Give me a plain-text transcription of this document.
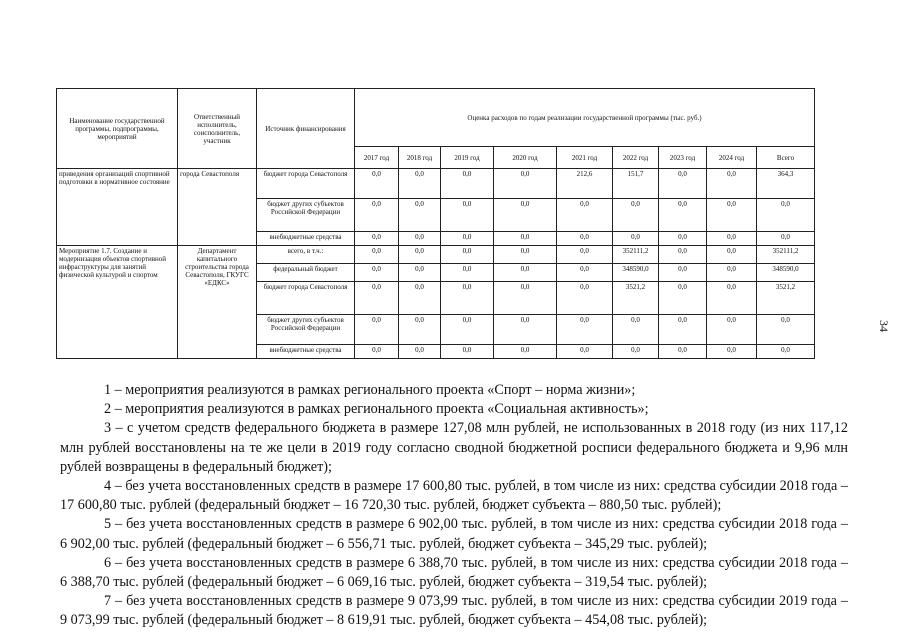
Наименование государственной программы, подпрограммы, мероприятий	Ответственный исполнитель, соисполнитель, участник	Источник финансирования	Оценка расходов по годам реализации государственной программы (тыс. руб.)								
			2017 год	2018 год	2019 год	2020 год	2021 год	2022 год	2023 год	2024 год	Всего
приведения организаций спортивной подготовки в нормативное состояние	города Севастополя	бюджет города Севастополя	0,0	0,0	0,0	0,0	212,6	151,7	0,0	0,0	364,3
		бюджет других субъектов Российской Федерации	0,0	0,0	0,0	0,0	0,0	0,0	0,0	0,0	0,0
		внебюджетные средства	0,0	0,0	0,0	0,0	0,0	0,0	0,0	0,0	0,0
Мероприятие 1.7. Создание и модернизация объектов спортивной инфраструктуры для занятий физической культурой и спортом	Департамент капитального строительства города Севастополя, ГКУГС «ЕДКС»	всего, в т.ч.:	0,0	0,0	0,0	0,0	0,0	352111,2	0,0	0,0	352111,2
		федеральный бюджет	0,0	0,0	0,0	0,0	0,0	348590,0	0,0	0,0	348590,0
		бюджет города Севастополя	0,0	0,0	0,0	0,0	0,0	3521,2	0,0	0,0	3521,2
		бюджет других субъектов Российской Федерации	0,0	0,0	0,0	0,0	0,0	0,0	0,0	0,0	0,0
		внебюджетные средства	0,0	0,0	0,0	0,0	0,0	0,0	0,0	0,0	0,0
34

1 – мероприятия реализуются в рамках регионального проекта «Спорт – норма жизни»;

2 – мероприятия реализуются в рамках регионального проекта «Социальная активность»;

3 – с учетом средств федерального бюджета в размере 127,08 млн рублей, не использованных в 2018 году (из них 117,12 млн рублей восстановлены на те же цели в 2019 году согласно сводной бюджетной росписи федерального бюджета и 9,96 млн рублей возвращены в федеральный бюджет);

4 – без учета восстановленных средств в размере 17 600,80 тыс. рублей, в том числе из них: средства субсидии 2018 года – 17 600,80 тыс. рублей (федеральный бюджет – 16 720,30 тыс. рублей, бюджет субъекта – 880,50 тыс. рублей);

5 – без учета восстановленных средств в размере 6 902,00 тыс. рублей, в том числе из них: средства субсидии 2018 года – 6 902,00 тыс. рублей (федеральный бюджет – 6 556,71 тыс. рублей, бюджет субъекта – 345,29 тыс. рублей);

6 – без учета восстановленных средств в размере 6 388,70 тыс. рублей, в том числе из них: средства субсидии 2018 года – 6 388,70 тыс. рублей (федеральный бюджет – 6 069,16 тыс. рублей, бюджет субъекта – 319,54 тыс. рублей);

7 – без учета восстановленных средств в размере 9 073,99 тыс. рублей, в том числе из них: средства субсидии 2019 года – 9 073,99 тыс. рублей (федеральный бюджет – 8 619,91 тыс. рублей, бюджет субъекта – 454,08 тыс. рублей);
